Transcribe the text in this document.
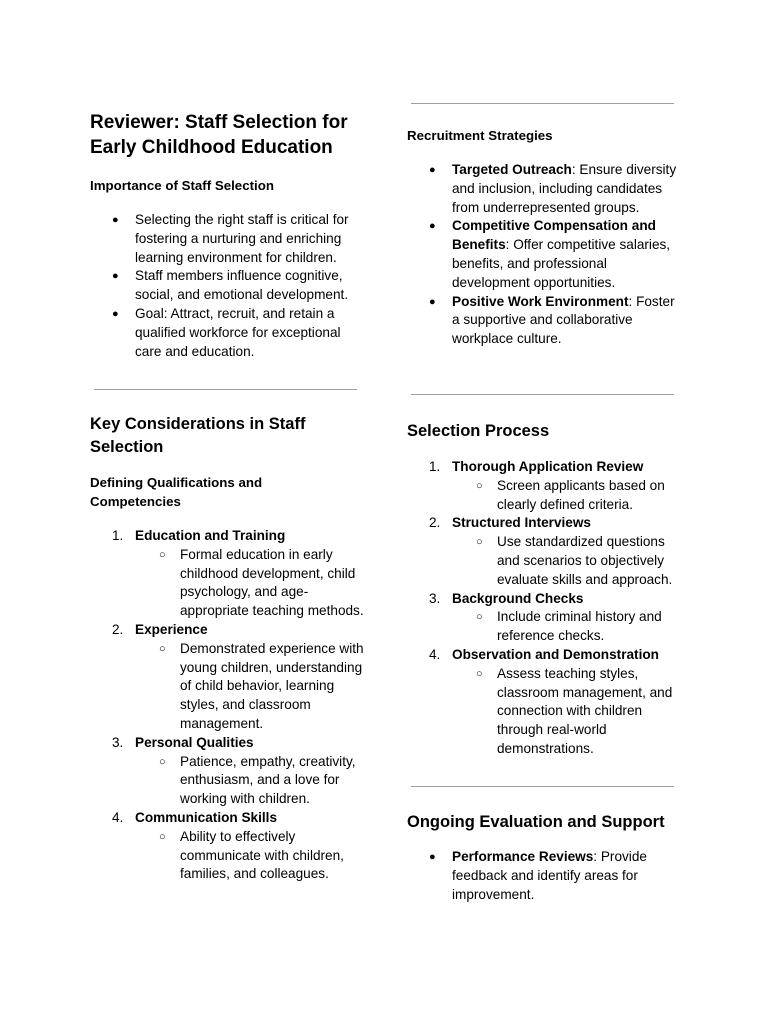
Reviewer: Staff Selection for Early Childhood Education
Importance of Staff Selection
● Selecting the right staff is critical for fostering a nurturing and enriching learning environment for children.
● Staff members influence cognitive, social, and emotional development.
● Goal: Attract, recruit, and retain a qualified workforce for exceptional care and education.
Key Considerations in Staff Selection
Defining Qualifications and Competencies
1. Education and Training
○ Formal education in early childhood development, child psychology, and age-appropriate teaching methods.
2. Experience
○ Demonstrated experience with young children, understanding of child behavior, learning styles, and classroom management.
3. Personal Qualities
○ Patience, empathy, creativity, enthusiasm, and a love for working with children.
4. Communication Skills
○ Ability to effectively communicate with children, families, and colleagues.
Recruitment Strategies
● Targeted Outreach: Ensure diversity and inclusion, including candidates from underrepresented groups.
● Competitive Compensation and Benefits: Offer competitive salaries, benefits, and professional development opportunities.
● Positive Work Environment: Foster a supportive and collaborative workplace culture.
Selection Process
1. Thorough Application Review
○ Screen applicants based on clearly defined criteria.
2. Structured Interviews
○ Use standardized questions and scenarios to objectively evaluate skills and approach.
3. Background Checks
○ Include criminal history and reference checks.
4. Observation and Demonstration
○ Assess teaching styles, classroom management, and connection with children through real-world demonstrations.
Ongoing Evaluation and Support
● Performance Reviews: Provide feedback and identify areas for improvement.
